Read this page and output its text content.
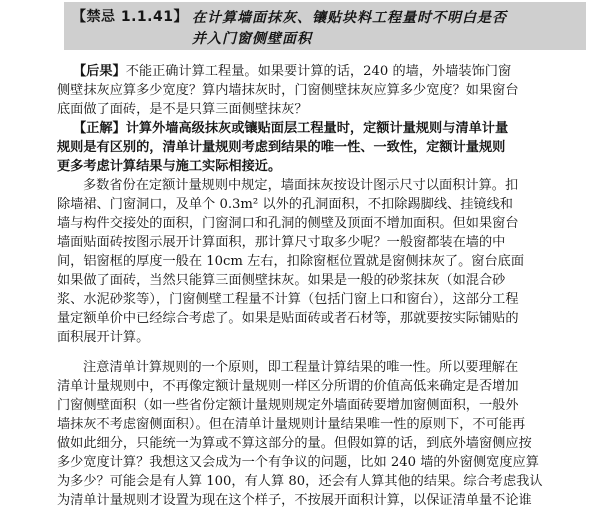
【禁忌 1.1.41】 在计算墙面抹灰、镶贴块料工程量时不明白是否
并入门窗侧壁面积
【后果】不能正确计算工程量。如果要计算的话，240 的墙，外墙装饰门窗
侧壁抹灰应算多少宽度？算内墙抹灰时，门窗侧壁抹灰应算多少宽度？如果窗台
底面做了面砖，是不是只算三面侧壁抹灰？
【正解】计算外墙高级抹灰或镶贴面层工程量时，定额计量规则与清单计量
规则是有区别的，清单计量规则考虑到结果的唯一性、一致性，定额计量规则
更多考虑计算结果与施工实际相接近。
多数省份在定额计量规则中规定，墙面抹灰按设计图示尺寸以面积计算。扣
除墙裙、门窗洞口，及单个 0.3m² 以外的孔洞面积，不扣除踢脚线、挂镜线和
墙与构件交接处的面积，门窗洞口和孔洞的侧壁及顶面不增加面积。但如果窗台
墙面贴面砖按图示展开计算面积，那计算尺寸取多少呢？一般窗都装在墙的中
间，铝窗框的厚度一般在 10cm 左右，扣除窗框位置就是窗侧抹灰了。窗台底面
如果做了面砖，当然只能算三面侧壁抹灰。如果是一般的砂浆抹灰（如混合砂
浆、水泥砂浆等），门窗侧壁工程量不计算（包括门窗上口和窗台），这部分工程
量定额单价中已经综合考虑了。如果是贴面砖或者石材等，那就要按实际铺贴的
面积展开计算。
注意清单计算规则的一个原则，即工程量计算结果的唯一性。所以要理解在
清单计量规则中，不再像定额计量规则一样区分所谓的价值高低来确定是否增加
门窗侧壁面积（如一些省份定额计量规则规定外墙面砖要增加窗侧面积，一般外
墙抹灰不考虑窗侧面积）。但在清单计量规则计量结果唯一性的原则下，不可能再
做如此细分，只能统一为算或不算这部分的量。但假如算的话，到底外墙窗侧应按
多少宽度计算？我想这又会成为一个有争议的问题，比如 240 墙的外窗侧宽度应算
为多少？可能会是有人算 100，有人算 80，还会有人算其他的结果。综合考虑我认
为清单计量规则才设置为现在这个样子，不按展开面积计算，以保证清单量不论谁
